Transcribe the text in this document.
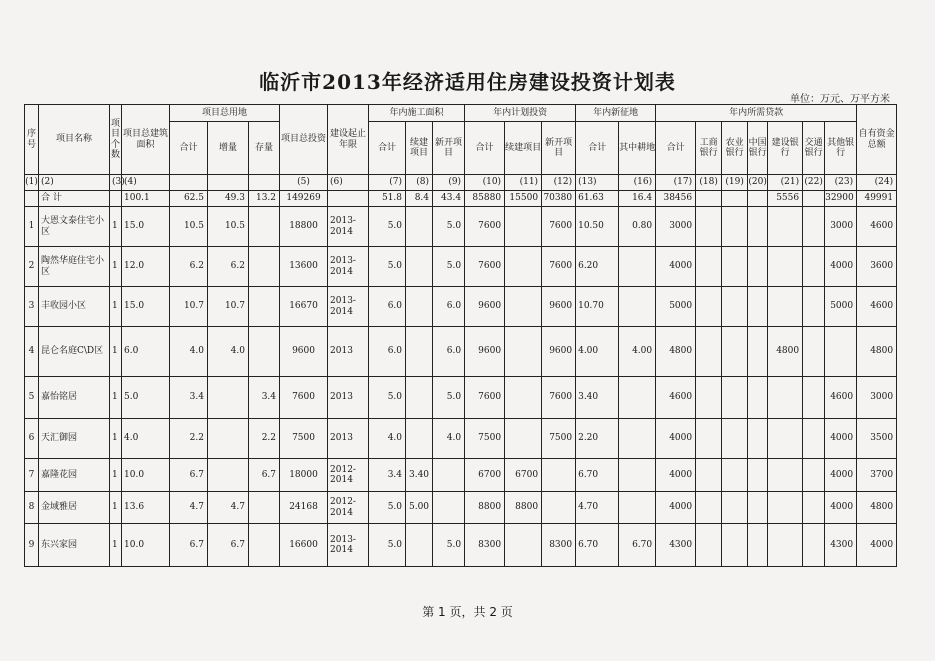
临沂市2013年经济适用住房建设投资计划表
单位：万元、万平方米
序号	项目名称	项目个数	项目总建筑面积	项目总用地			项目总投资	建设起止年限	年内施工面积			年内计划投资			年内新征地		年内所需贷款							自有资金总额
				合计	增量	存量			合计	续建项目	新开项目	合计	续建项目	新开项目	合计	其中耕地	合计	工商银行	农业银行	中国银行	建设银行	交通银行	其他银行	
(1)	(2)	(3)	(4)				(5)	(6)	(7)	(8)	(9)	(10)	(11)	(12)	(13)	(16)	(17)	(18)	(19)	(20)	(21)	(22)	(23)	(24)
	合 计		100.1	62.5	49.3	13.2	149269		51.8	8.4	43.4	85880	15500	70380	61.63	16.4	38456				5556		32900	49991
1	大恩文泰住宅小区	1	15.0	10.5	10.5		18800	2013-2014	5.0		5.0	7600		7600	10.50	0.80	3000						3000	4600
2	陶然华庭住宅小区	1	12.0	6.2	6.2		13600	2013-2014	5.0		5.0	7600		7600	6.20		4000						4000	3600
3	丰收园小区	1	15.0	10.7	10.7		16670	2013-2014	6.0		6.0	9600		9600	10.70		5000						5000	4600
4	昆仑名庭C\D区	1	6.0	4.0	4.0		9600	2013	6.0		6.0	9600		9600	4.00	4.00	4800				4800			4800
5	嘉怡铭居	1	5.0	3.4		3.4	7600	2013	5.0		5.0	7600		7600	3.40		4600						4600	3000
6	天汇御园	1	4.0	2.2		2.2	7500	2013	4.0		4.0	7500		7500	2.20		4000						4000	3500
7	嘉隆花园	1	10.0	6.7		6.7	18000	2012-2014	3.4	3.40		6700	6700		6.70		4000						4000	3700
8	金域雅居	1	13.6	4.7	4.7		24168	2012-2014	5.0	5.00		8800	8800		4.70		4000						4000	4800
9	东兴家园	1	10.0	6.7	6.7		16600	2013-2014	5.0		5.0	8300		8300	6.70	6.70	4300						4300	4000
第 1 页，共 2 页
